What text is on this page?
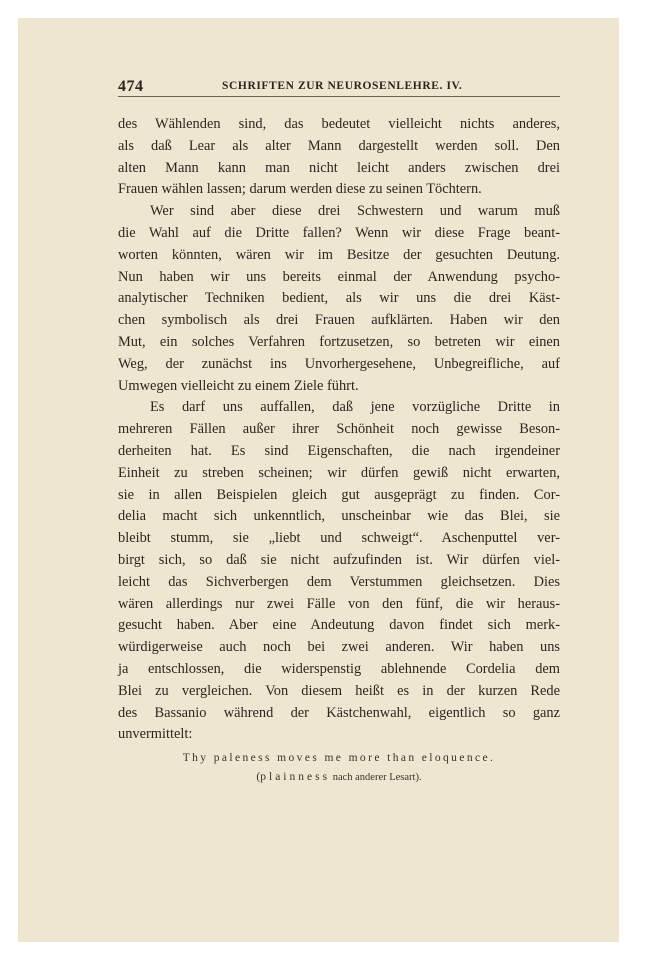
474	SCHRIFTEN ZUR NEUROSENLEHRE. IV.
des Wählenden sind, das bedeutet vielleicht nichts anderes,
als daß Lear als alter Mann dargestellt werden soll. Den
alten Mann kann man nicht leicht anders zwischen drei
Frauen wählen lassen; darum werden diese zu seinen Töchtern.
Wer sind aber diese drei Schwestern und warum muß
die Wahl auf die Dritte fallen? Wenn wir diese Frage beant-
worten könnten, wären wir im Besitze der gesuchten Deutung.
Nun haben wir uns bereits einmal der Anwendung psycho-
analytischer Techniken bedient, als wir uns die drei Käst-
chen symbolisch als drei Frauen aufklärten. Haben wir den
Mut, ein solches Verfahren fortzusetzen, so betreten wir einen
Weg, der zunächst ins Unvorhergesehene, Unbegreifliche, auf
Umwegen vielleicht zu einem Ziele führt.
Es darf uns auffallen, daß jene vorzügliche Dritte in
mehreren Fällen außer ihrer Schönheit noch gewisse Beson-
derheiten hat. Es sind Eigenschaften, die nach irgendeiner
Einheit zu streben scheinen; wir dürfen gewiß nicht erwarten,
sie in allen Beispielen gleich gut ausgeprägt zu finden. Cor-
delia macht sich unkenntlich, unscheinbar wie das Blei, sie
bleibt stumm, sie „liebt und schweigt“. Aschenputtel ver-
birgt sich, so daß sie nicht aufzufinden ist. Wir dürfen viel-
leicht das Sichverbergen dem Verstummen gleichsetzen. Dies
wären allerdings nur zwei Fälle von den fünf, die wir heraus-
gesucht haben. Aber eine Andeutung davon findet sich merk-
würdigerweise auch noch bei zwei anderen. Wir haben uns
ja entschlossen, die widerspenstig ablehnende Cordelia dem
Blei zu vergleichen. Von diesem heißt es in der kurzen Rede
des Bassanio während der Kästchenwahl, eigentlich so ganz
unvermittelt:
Thy paleness moves me more than eloquence.
(plainness nach anderer Lesart).
